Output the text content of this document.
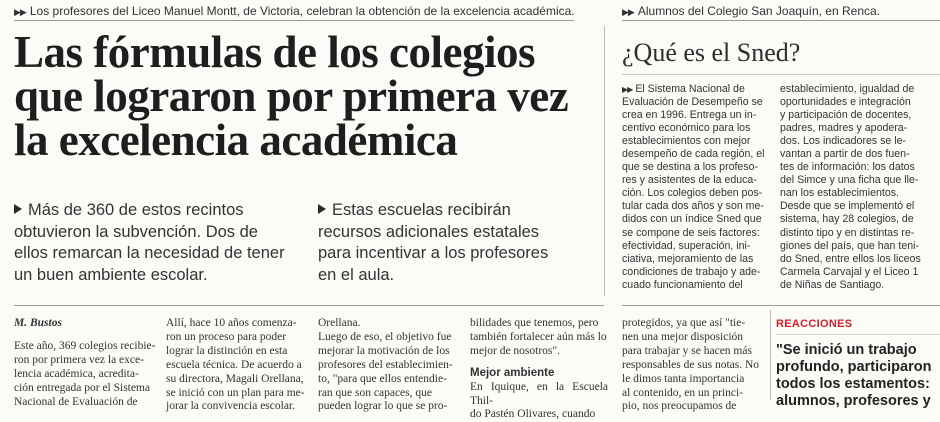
▶▶ Los profesores del Liceo Manuel Montt, de Victoria, celebran la obtención de la excelencia académica.	▶▶ Alumnos del Colegio San Joaquín, en Renca.
Las fórmulas de los colegios
que lograron por primera vez
la excelencia académica
Más de 360 de estos recintos
obtuvieron la subvención. Dos de
ellos remarcan la necesidad de tener
un buen ambiente escolar.
Estas escuelas recibirán
recursos adicionales estatales
para incentivar a los profesores
en el aula.
¿Qué es el Sned?
▶▶ El Sistema Nacional de
Evaluación de Desempeño se
crea en 1996. Entrega un in-
centivo económico para los
establecimientos con mejor
desempeño de cada región, el
que se destina a los profeso-
res y asistentes de la educa-
ción. Los colegios deben pos-
tular cada dos años y son me-
didos con un índice Sned que
se compone de seis factores:
efectividad, superación, ini-
ciativa, mejoramiento de las
condiciones de trabajo y ade-
cuado funcionamiento del
establecimiento, igualdad de
oportunidades e integración
y participación de docentes,
padres, madres y apodera-
dos. Los indicadores se le-
vantan a partir de dos fuen-
tes de información: los datos
del Simce y una ficha que lle-
nan los establecimientos.
Desde que se implementó el
sistema, hay 28 colegios, de
distinto tipo y en distintas re-
giones del país, que han teni-
do Sned, entre ellos los liceos
Carmela Carvajal y el Liceo 1
de Niñas de Santiago.
M. Bustos
Este año, 369 colegios recibie-
ron por primera vez la exce-
lencia académica, acredita-
ción entregada por el Sistema
Nacional de Evaluación de
Allí, hace 10 años comenza-
ron un proceso para poder
lograr la distinción en esta
escuela técnica. De acuerdo a
su directora, Magali Orellana,
se inició con un plan para me-
jorar la convivencia escolar.
Orellana.
Luego de eso, el objetivo fue
mejorar la motivación de los
profesores del establecimien-
to, "para que ellos entendie-
ran que son capaces, que
pueden lograr lo que se pro-
bilidades que tenemos, pero
también fortalecer aún más lo
mejor de nosotros".
Mejor ambiente
En Iquique, en la Escuela Thil-
do Pastén Olivares, cuando
protegidos, ya que así "tie-
nen una mejor disposición
para trabajar y se hacen más
responsables de sus notas. No
le dimos tanta importancia
al contenido, en un princi-
pio, nos preocupamos de
REACCIONES
"Se inició un trabajo
profundo, participaron
todos los estamentos:
alumnos, profesores y
